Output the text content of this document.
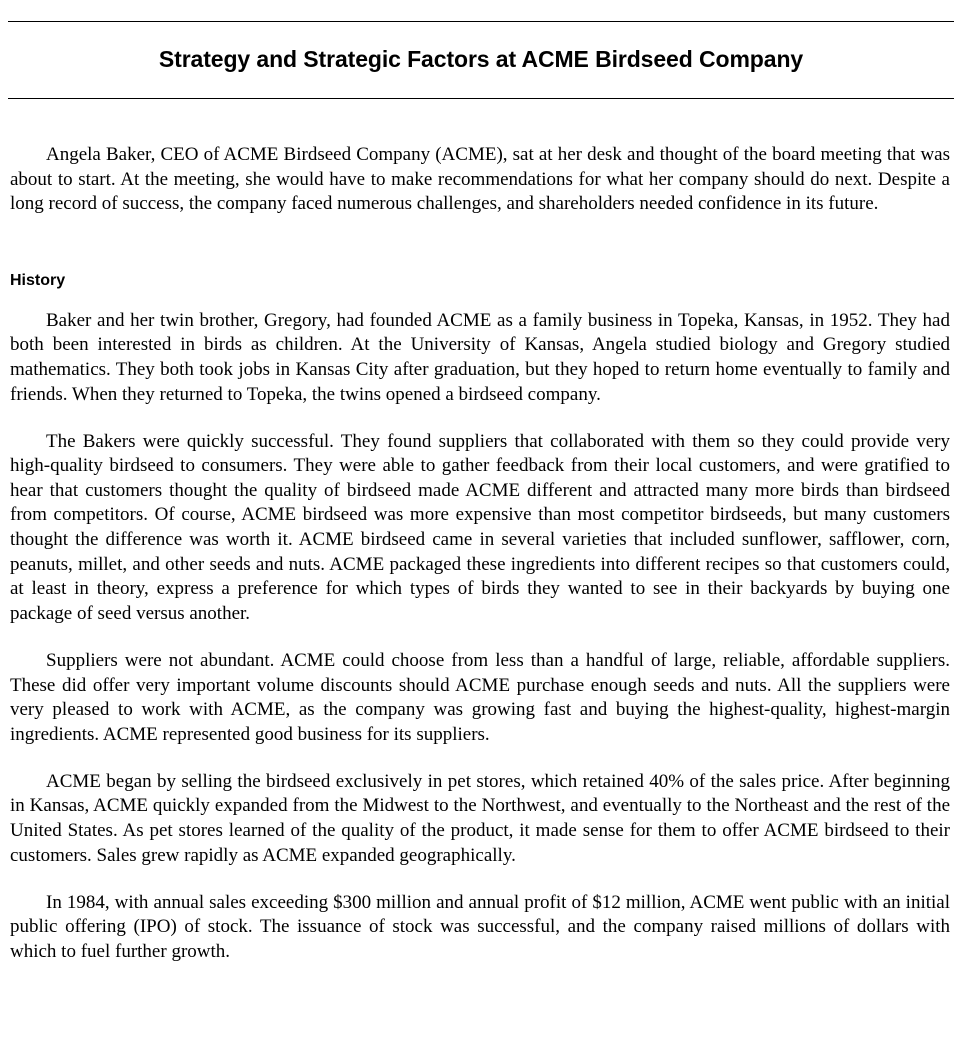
Strategy and Strategic Factors at ACME Birdseed Company

Angela Baker, CEO of ACME Birdseed Company (ACME), sat at her desk and thought of the board meeting that was about to start. At the meeting, she would have to make recommendations for what her company should do next. Despite a long record of success, the company faced numerous challenges, and shareholders needed confidence in its future.

History

Baker and her twin brother, Gregory, had founded ACME as a family business in Topeka, Kansas, in 1952. They had both been interested in birds as children. At the University of Kansas, Angela studied biology and Gregory studied mathematics. They both took jobs in Kansas City after graduation, but they hoped to return home eventually to family and friends. When they returned to Topeka, the twins opened a birdseed company.

The Bakers were quickly successful. They found suppliers that collaborated with them so they could provide very high-quality birdseed to consumers. They were able to gather feedback from their local customers, and were gratified to hear that customers thought the quality of birdseed made ACME different and attracted many more birds than birdseed from competitors. Of course, ACME birdseed was more expensive than most competitor birdseeds, but many customers thought the difference was worth it. ACME birdseed came in several varieties that included sunflower, safflower, corn, peanuts, millet, and other seeds and nuts. ACME packaged these ingredients into different recipes so that customers could, at least in theory, express a preference for which types of birds they wanted to see in their backyards by buying one package of seed versus another.

Suppliers were not abundant. ACME could choose from less than a handful of large, reliable, affordable suppliers. These did offer very important volume discounts should ACME purchase enough seeds and nuts. All the suppliers were very pleased to work with ACME, as the company was growing fast and buying the highest-quality, highest-margin ingredients. ACME represented good business for its suppliers.

ACME began by selling the birdseed exclusively in pet stores, which retained 40% of the sales price. After beginning in Kansas, ACME quickly expanded from the Midwest to the Northwest, and eventually to the Northeast and the rest of the United States. As pet stores learned of the quality of the product, it made sense for them to offer ACME birdseed to their customers. Sales grew rapidly as ACME expanded geographically.

In 1984, with annual sales exceeding $300 million and annual profit of $12 million, ACME went public with an initial public offering (IPO) of stock. The issuance of stock was successful, and the company raised millions of dollars with which to fuel further growth.
